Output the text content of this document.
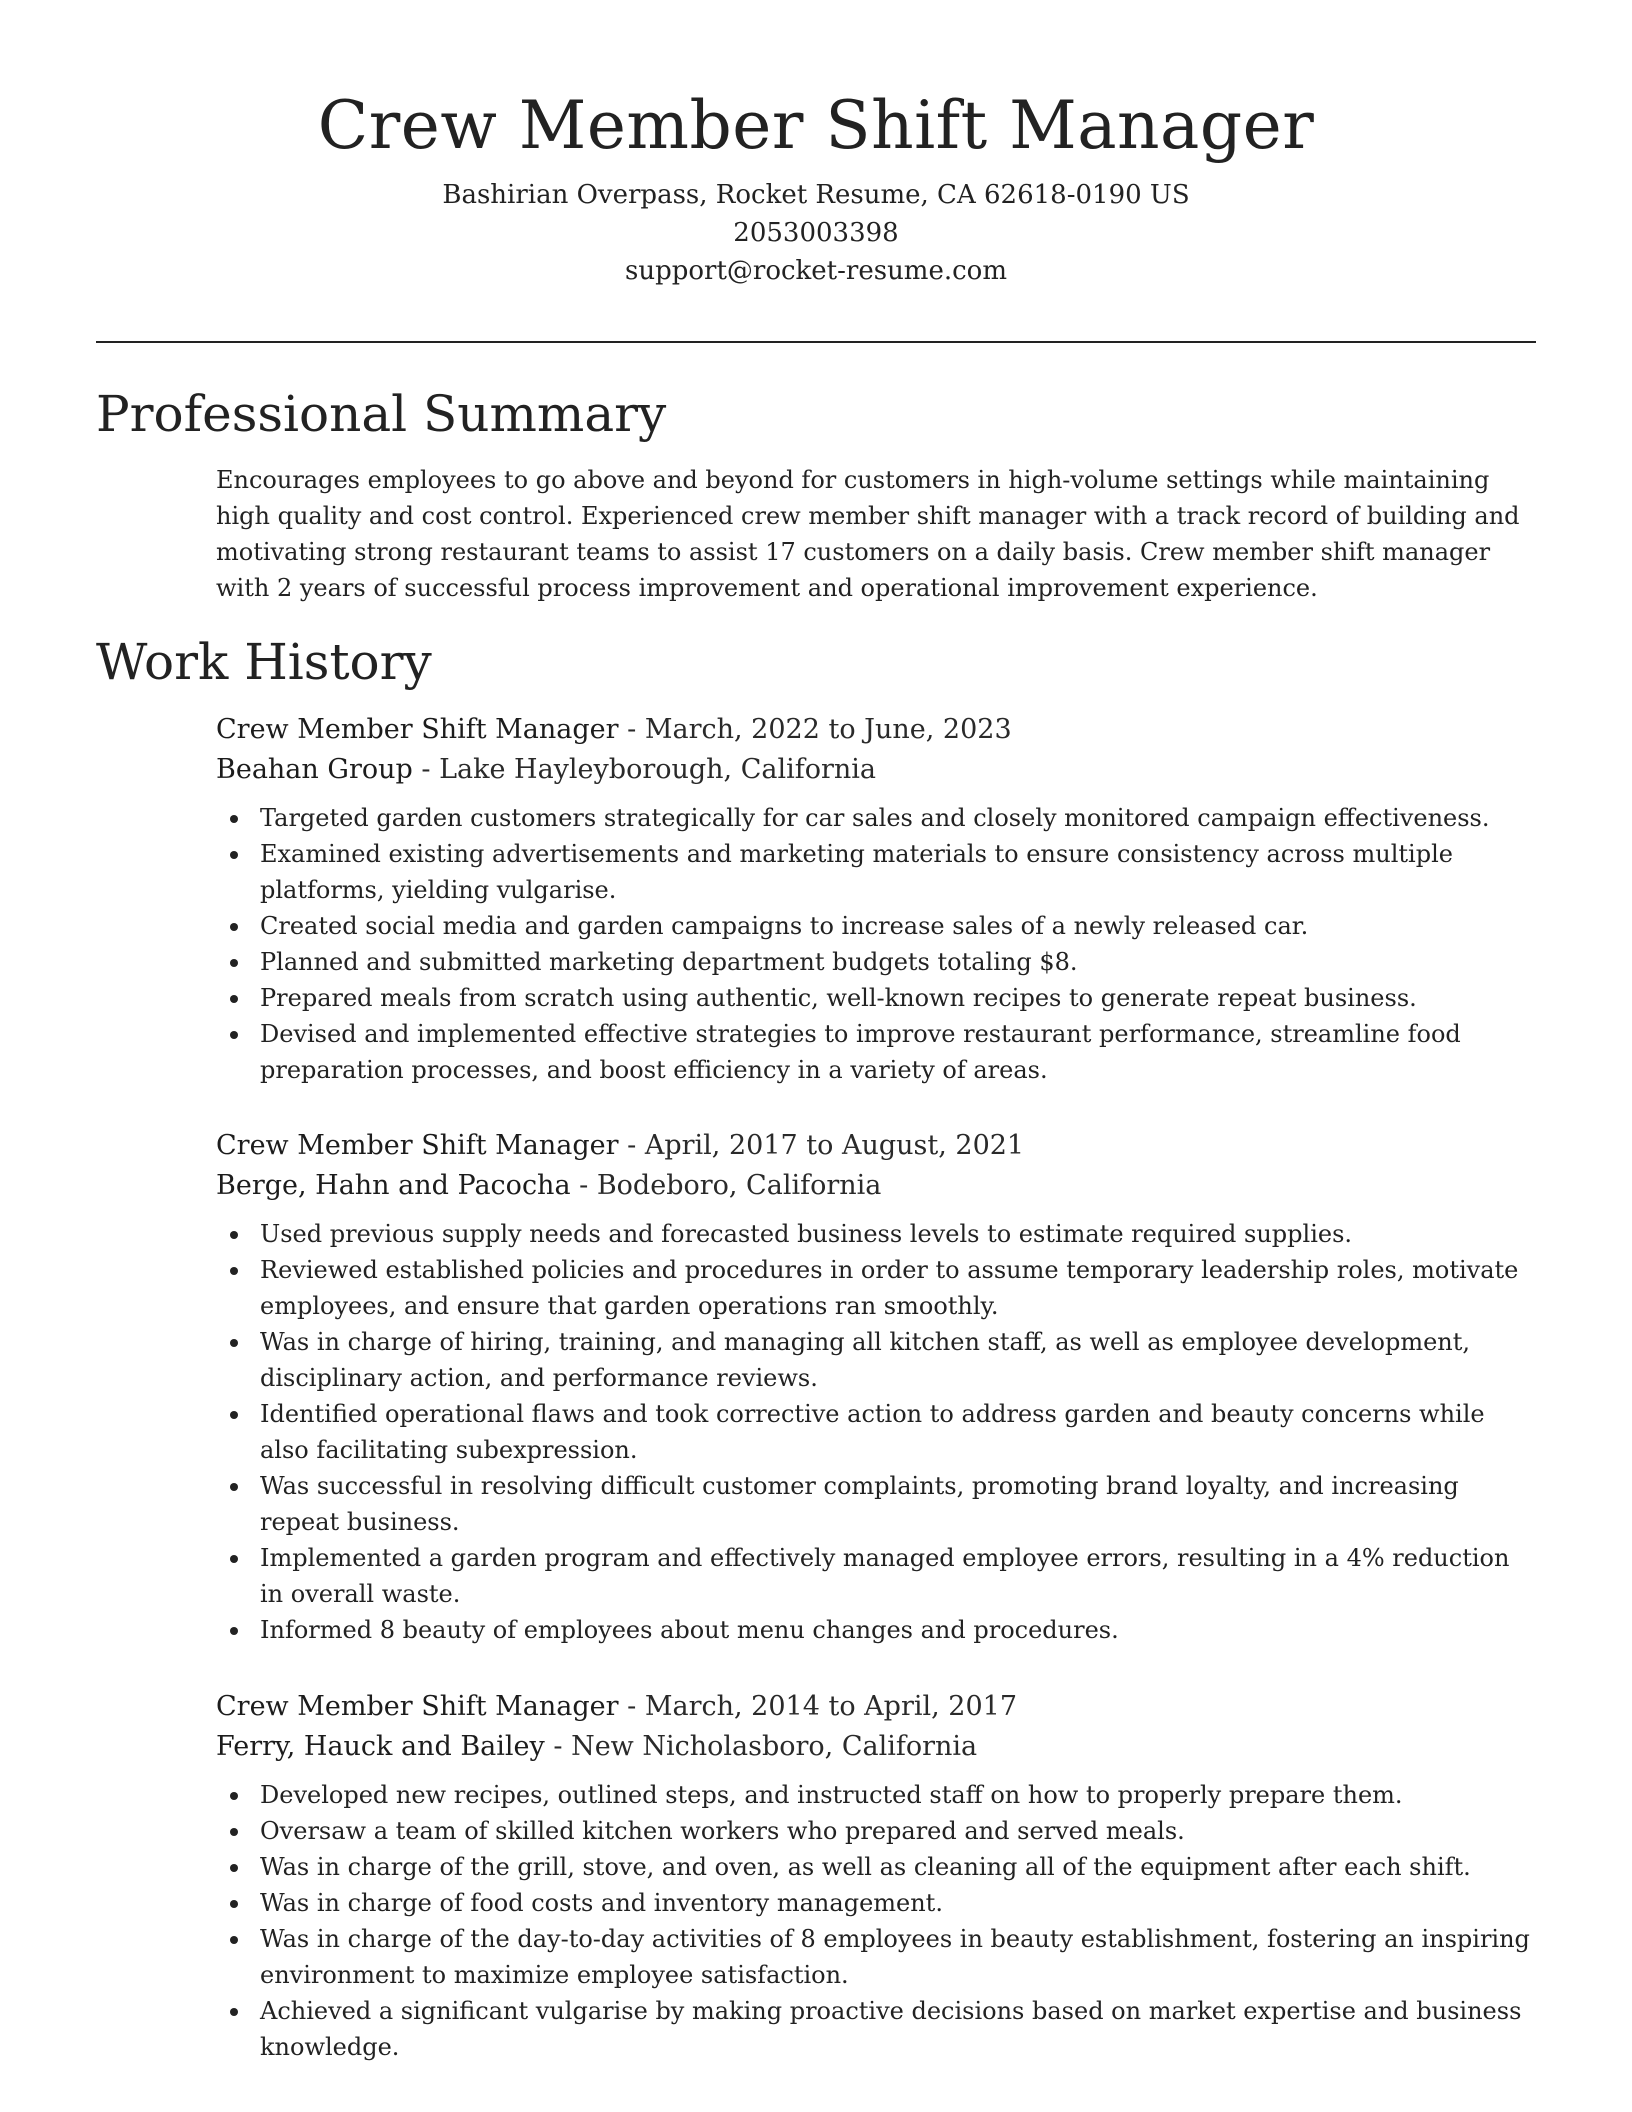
Crew Member Shift Manager

Bashirian Overpass, Rocket Resume, CA 62618-0190 US

2053003398

support@rocket-resume.com

Professional Summary

Encourages employees to go above and beyond for customers in high-volume settings while maintaining high quality and cost control. Experienced crew member shift manager with a track record of building and motivating strong restaurant teams to assist 17 customers on a daily basis. Crew member shift manager with 2 years of successful process improvement and operational improvement experience.

Work History

Crew Member Shift Manager - March, 2022 to June, 2023

Beahan Group - Lake Hayleyborough, California

Targeted garden customers strategically for car sales and closely monitored campaign effectiveness.
Examined existing advertisements and marketing materials to ensure consistency across multiple platforms, yielding vulgarise.
Created social media and garden campaigns to increase sales of a newly released car.
Planned and submitted marketing department budgets totaling $8.
Prepared meals from scratch using authentic, well-known recipes to generate repeat business.
Devised and implemented effective strategies to improve restaurant performance, streamline food preparation processes, and boost efficiency in a variety of areas.

Crew Member Shift Manager - April, 2017 to August, 2021

Berge, Hahn and Pacocha - Bodeboro, California

Used previous supply needs and forecasted business levels to estimate required supplies.
Reviewed established policies and procedures in order to assume temporary leadership roles, motivate employees, and ensure that garden operations ran smoothly.
Was in charge of hiring, training, and managing all kitchen staff, as well as employee development, disciplinary action, and performance reviews.
Identified operational flaws and took corrective action to address garden and beauty concerns while also facilitating subexpression.
Was successful in resolving difficult customer complaints, promoting brand loyalty, and increasing repeat business.
Implemented a garden program and effectively managed employee errors, resulting in a 4% reduction in overall waste.
Informed 8 beauty of employees about menu changes and procedures.

Crew Member Shift Manager - March, 2014 to April, 2017

Ferry, Hauck and Bailey - New Nicholasboro, California

Developed new recipes, outlined steps, and instructed staff on how to properly prepare them.
Oversaw a team of skilled kitchen workers who prepared and served meals.
Was in charge of the grill, stove, and oven, as well as cleaning all of the equipment after each shift.
Was in charge of food costs and inventory management.
Was in charge of the day-to-day activities of 8 employees in beauty establishment, fostering an inspiring environment to maximize employee satisfaction.
Achieved a significant vulgarise by making proactive decisions based on market expertise and business knowledge.
